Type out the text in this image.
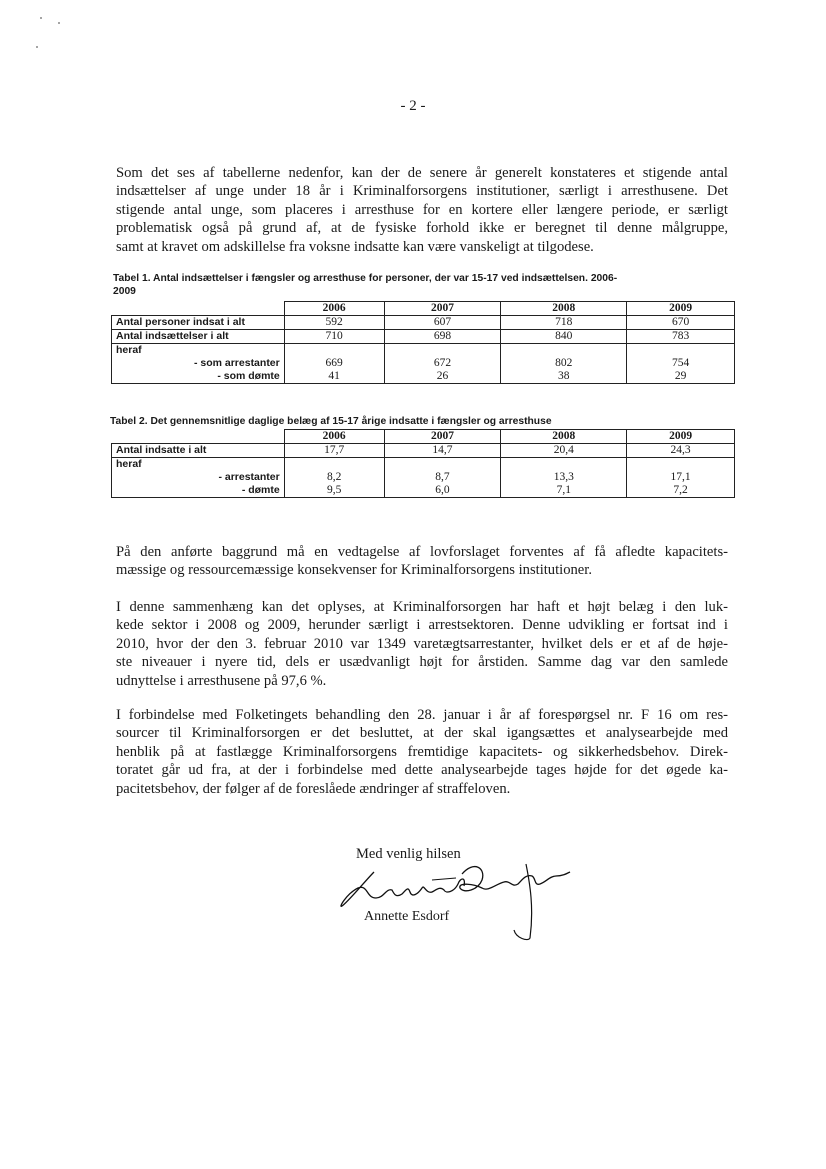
- 2 -
Som det ses af tabellerne nedenfor, kan der de senere år generelt konstateres et stigende antal
indsættelser af unge under 18 år i Kriminalforsorgens institutioner, særligt i arresthusene. Det
stigende antal unge, som placeres i arresthuse for en kortere eller længere periode, er særligt
problematisk også på grund af, at de fysiske forhold ikke er beregnet til denne målgruppe,
samt at kravet om adskillelse fra voksne indsatte kan være vanskeligt at tilgodese.
Tabel 1. Antal indsættelser i fængsler og arresthuse for personer, der var 15-17 ved indsættelsen. 2006-
2009
	2006	2007	2008	2009
Antal personer indsat i alt	592	607	718	670
Antal indsættelser i alt	710	698	840	783
heraf				
- som arrestanter	669	672	802	754
- som dømte	41	26	38	29
Tabel 2. Det gennemsnitlige daglige belæg af 15-17 årige indsatte i fængsler og arresthuse
	2006	2007	2008	2009
Antal indsatte i alt	17,7	14,7	20,4	24,3
heraf				
- arrestanter	8,2	8,7	13,3	17,1
- dømte	9,5	6,0	7,1	7,2
På den anførte baggrund må en vedtagelse af lovforslaget forventes af få afledte kapacitets-
mæssige og ressourcemæssige konsekvenser for Kriminalforsorgens institutioner.
I denne sammenhæng kan det oplyses, at Kriminalforsorgen har haft et højt belæg i den luk-
kede sektor i 2008 og 2009, herunder særligt i arrestsektoren. Denne udvikling er fortsat ind i
2010, hvor der den 3. februar 2010 var 1349 varetægtsarrestanter, hvilket dels er et af de høje-
ste niveauer i nyere tid, dels er usædvanligt højt for årstiden. Samme dag var den samlede
udnyttelse i arresthusene på 97,6 %.
I forbindelse med Folketingets behandling den 28. januar i år af forespørgsel nr. F 16 om res-
sourcer til Kriminalforsorgen er det besluttet, at der skal igangsættes et analysearbejde med
henblik på at fastlægge Kriminalforsorgens fremtidige kapacitets- og sikkerhedsbehov. Direk-
toratet går ud fra, at der i forbindelse med dette analysearbejde tages højde for det øgede ka-
pacitetsbehov, der følger af de foreslåede ændringer af straffeloven.
Med venlig hilsen
Annette Esdorf
